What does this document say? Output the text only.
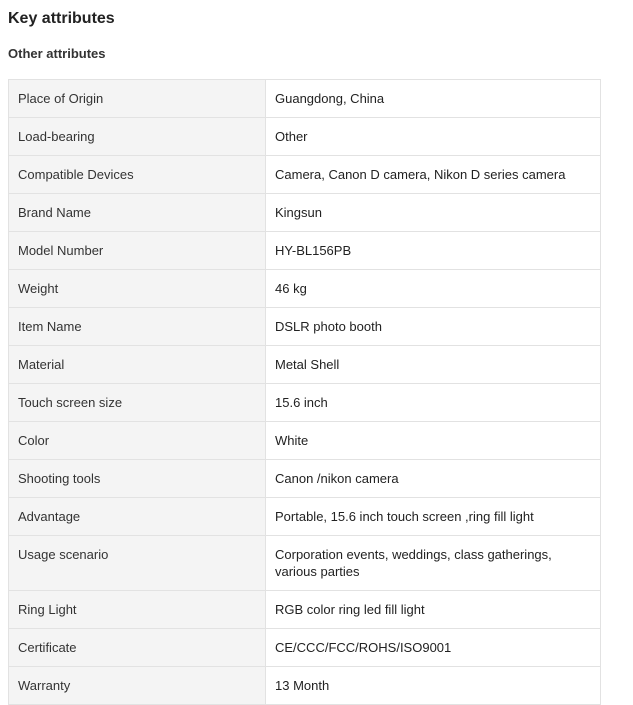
Key attributes
Other attributes
Place of Origin	Guangdong, China
Load-bearing	Other
Compatible Devices	Camera, Canon D camera, Nikon D series camera
Brand Name	Kingsun
Model Number	HY-BL156PB
Weight	46 kg
Item Name	DSLR photo booth
Material	Metal Shell
Touch screen size	15.6 inch
Color	White
Shooting tools	Canon /nikon camera
Advantage	Portable, 15.6 inch touch screen ,ring fill light
Usage scenario	Corporation events, weddings, class gatherings, various parties
Ring Light	RGB color ring led fill light
Certificate	CE/CCC/FCC/ROHS/ISO9001
Warranty	13 Month
